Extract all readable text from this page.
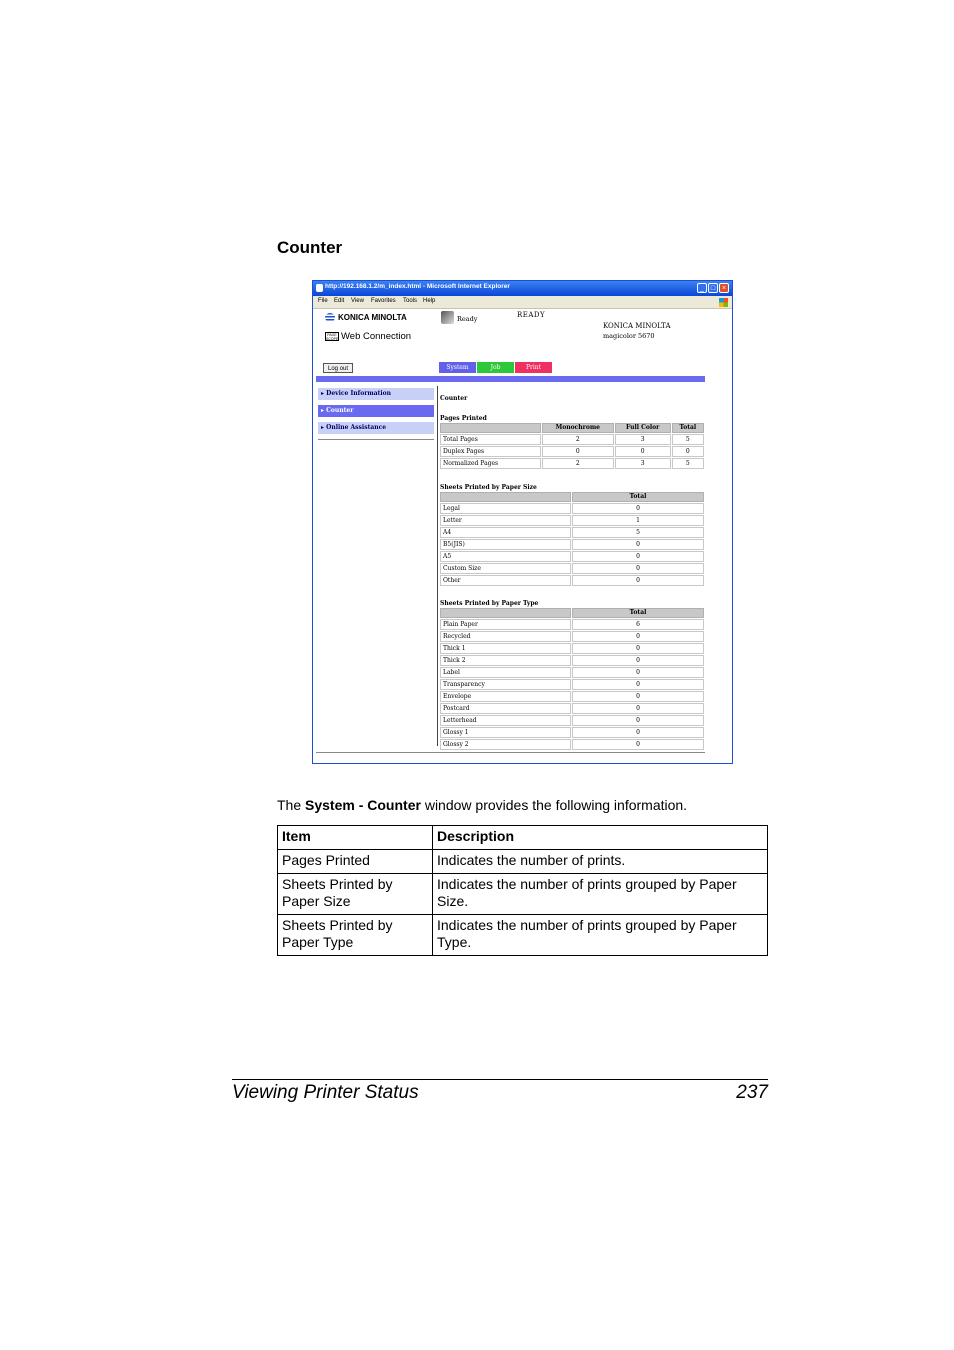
Counter
http://192.168.1.2/m_index.html - Microsoft Internet Explorer	_ □ ×
File Edit View Favorites Tools Help
KONICA MINOLTA
PAGE SCOPE Web Connection
Ready	READY
KONICA MINOLTA
magicolor 5670
Log out	System	Job	Print
▸ Device Information
▸ Counter
▸ Online Assistance
Counter
Pages Printed
	Monochrome	Full Color	Total
Total Pages	2	3	5
Duplex Pages	0	0	0
Normalized Pages	2	3	5
Sheets Printed by Paper Size
	Total
Legal	0
Letter	1
A4	5
B5(JIS)	0
A5	0
Custom Size	0
Other	0
Sheets Printed by Paper Type
	Total
Plain Paper	6
Recycled	0
Thick 1	0
Thick 2	0
Label	0
Transparency	0
Envelope	0
Postcard	0
Letterhead	0
Glossy 1	0
Glossy 2	0
The System - Counter window provides the following information.
Item	Description
Pages Printed	Indicates the number of prints.
Sheets Printed by Paper Size	Indicates the number of prints grouped by Paper Size.
Sheets Printed by Paper Type	Indicates the number of prints grouped by Paper Type.
Viewing Printer Status	237
